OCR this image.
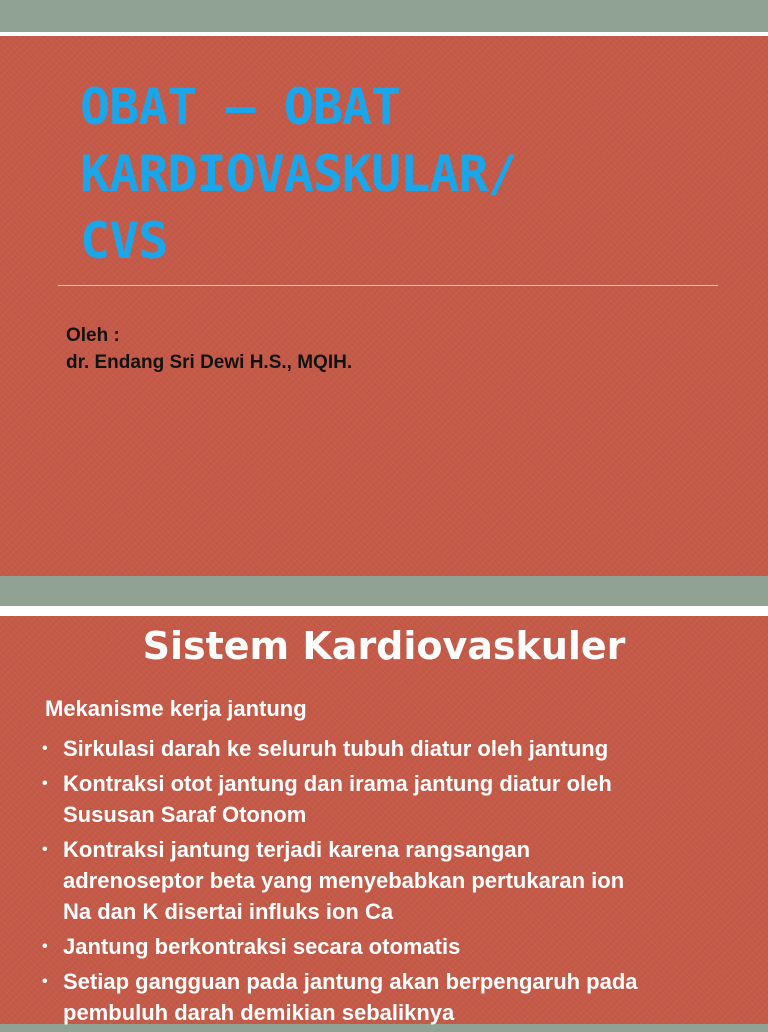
OBAT – OBAT
KARDIOVASKULAR/
CVS
Oleh :
dr. Endang Sri Dewi H.S., MQIH.
Sistem Kardiovaskuler
Mekanisme kerja jantung
• Sirkulasi darah ke seluruh tubuh diatur oleh jantung
• Kontraksi otot jantung dan irama jantung diatur oleh
Sususan Saraf Otonom
• Kontraksi jantung terjadi karena rangsangan
adrenoseptor beta yang menyebabkan pertukaran ion
Na dan K disertai influks ion Ca
• Jantung berkontraksi secara otomatis
• Setiap gangguan pada jantung akan berpengaruh pada
pembuluh darah demikian sebaliknya
